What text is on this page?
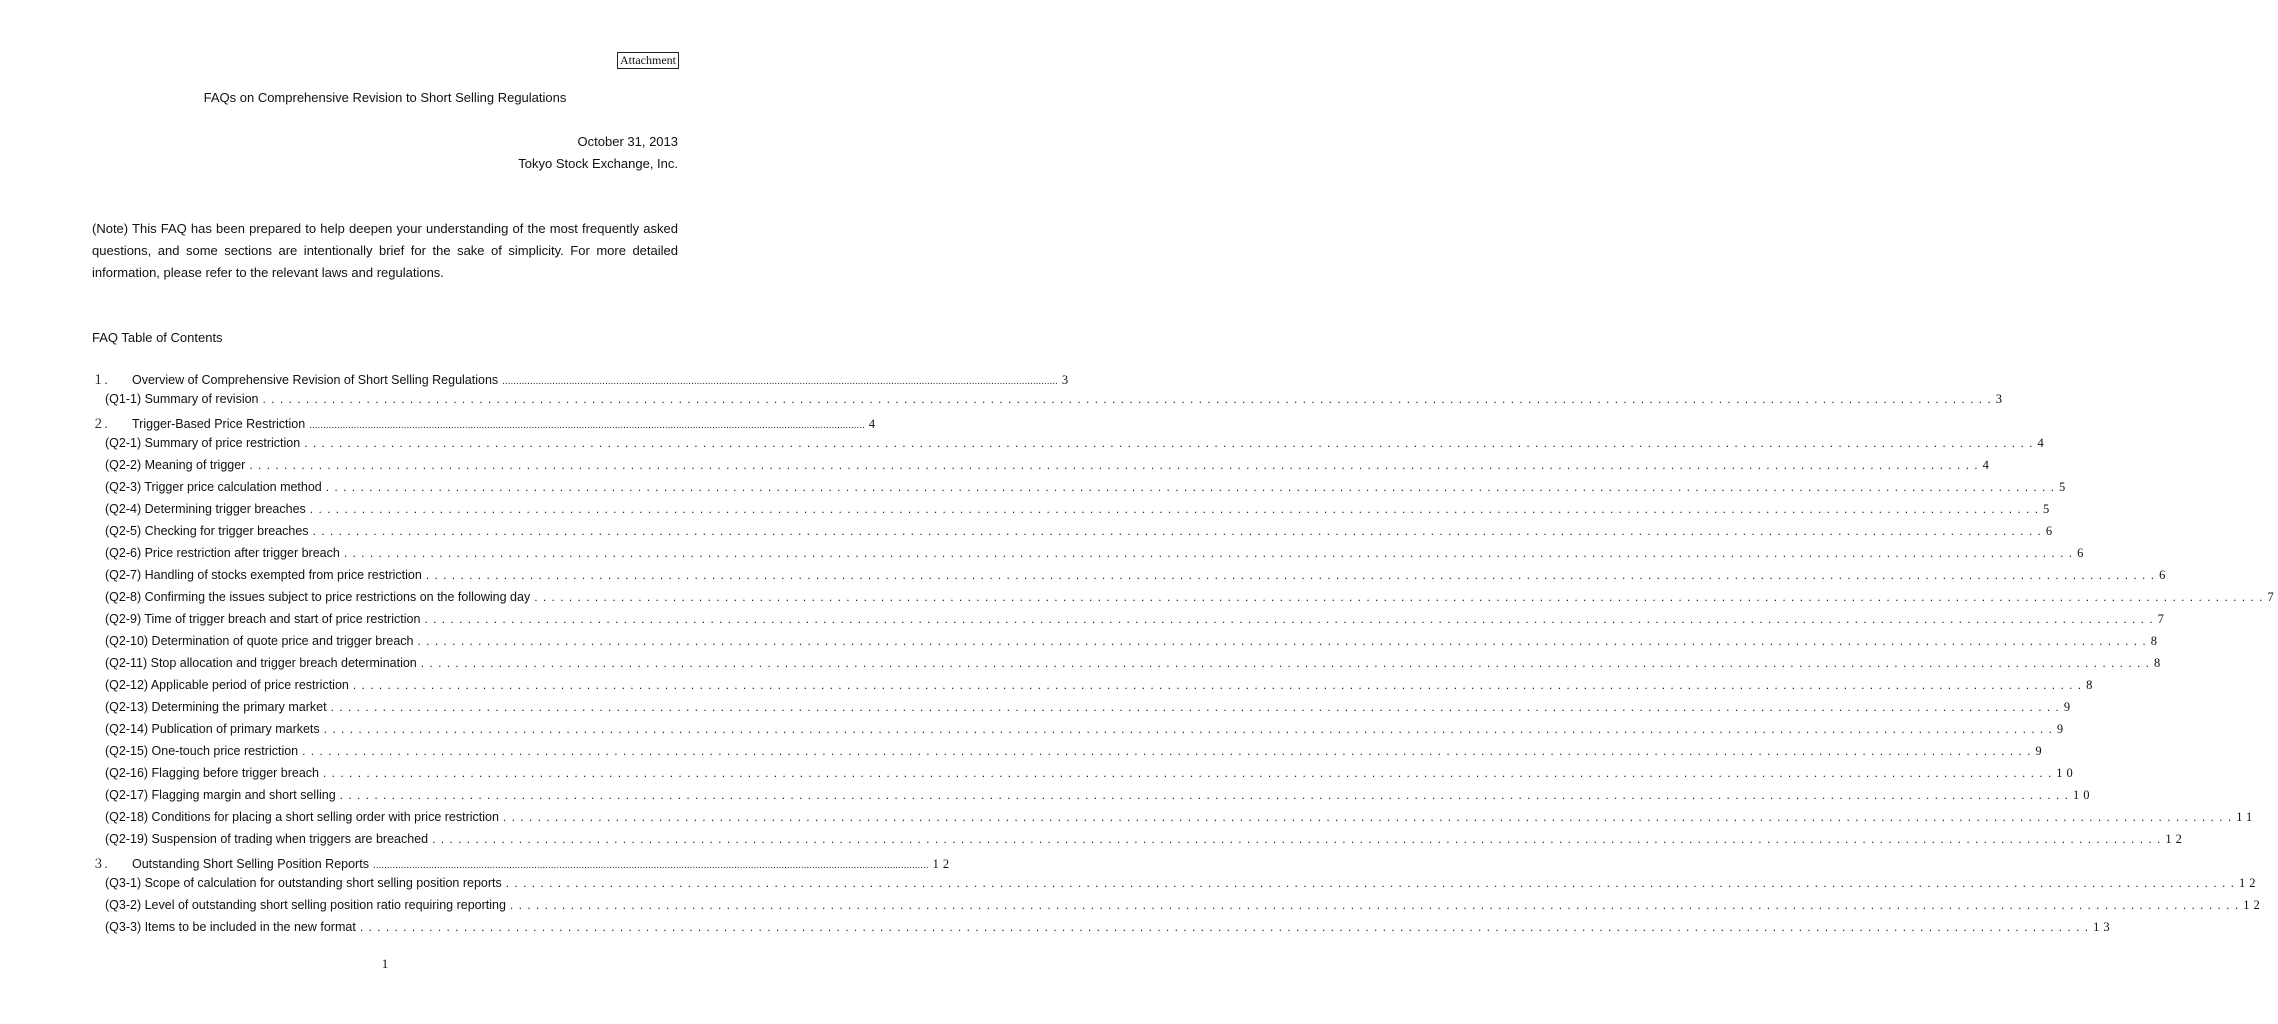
Attachment
FAQs on Comprehensive Revision to Short Selling Regulations
October 31, 2013
Tokyo Stock Exchange, Inc.
(Note) This FAQ has been prepared to help deepen your understanding of the most frequently asked questions, and some sections are intentionally brief for the sake of simplicity. For more detailed information, please refer to the relevant laws and regulations.
FAQ Table of Contents
１.	Overview of Comprehensive Revision of Short Selling Regulations ........................................................................................................................................................................................................ 3
(Q1-1) Summary of revision . . . . . . . . . . . . . . . . . . . . . . . . . . . . . . . . . . . . . . . . . . . . . . . . . . . . . . . . . . . . . . . . . . . . . . . . . . . . . . . . . . . . . . . . . . . . . . . . . . . . . . . . . . . . . . . . . . . . . . . . . . . . . . . . . . . . . . . . . . . . . . . . . . . . . . . . . . . . . . . . . . . . . . . . . . . . . . . . . . . . . . . . . . . . . . . . . . . . . . . . 3
２.	Trigger-Based Price Restriction ........................................................................................................................................................................................................ 4
(Q2-1) Summary of price restriction . . . . . . . . . . . . . . . . . . . . . . . . . . . . . . . . . . . . . . . . . . . . . . . . . . . . . . . . . . . . . . . . . . . . . . . . . . . . . . . . . . . . . . . . . . . . . . . . . . . . . . . . . . . . . . . . . . . . . . . . . . . . . . . . . . . . . . . . . . . . . . . . . . . . . . . . . . . . . . . . . . . . . . . . . . . . . . . . . . . . . . . . . . . . . . . . . . . . . . . . 4
(Q2-2) Meaning of trigger . . . . . . . . . . . . . . . . . . . . . . . . . . . . . . . . . . . . . . . . . . . . . . . . . . . . . . . . . . . . . . . . . . . . . . . . . . . . . . . . . . . . . . . . . . . . . . . . . . . . . . . . . . . . . . . . . . . . . . . . . . . . . . . . . . . . . . . . . . . . . . . . . . . . . . . . . . . . . . . . . . . . . . . . . . . . . . . . . . . . . . . . . . . . . . . . . . . . . . . . 4
(Q2-3) Trigger price calculation method . . . . . . . . . . . . . . . . . . . . . . . . . . . . . . . . . . . . . . . . . . . . . . . . . . . . . . . . . . . . . . . . . . . . . . . . . . . . . . . . . . . . . . . . . . . . . . . . . . . . . . . . . . . . . . . . . . . . . . . . . . . . . . . . . . . . . . . . . . . . . . . . . . . . . . . . . . . . . . . . . . . . . . . . . . . . . . . . . . . . . . . . . . . . . . . . . . . . . . . . 5
(Q2-4) Determining trigger breaches . . . . . . . . . . . . . . . . . . . . . . . . . . . . . . . . . . . . . . . . . . . . . . . . . . . . . . . . . . . . . . . . . . . . . . . . . . . . . . . . . . . . . . . . . . . . . . . . . . . . . . . . . . . . . . . . . . . . . . . . . . . . . . . . . . . . . . . . . . . . . . . . . . . . . . . . . . . . . . . . . . . . . . . . . . . . . . . . . . . . . . . . . . . . . . . . . . . . . . . . 5
(Q2-5) Checking for trigger breaches . . . . . . . . . . . . . . . . . . . . . . . . . . . . . . . . . . . . . . . . . . . . . . . . . . . . . . . . . . . . . . . . . . . . . . . . . . . . . . . . . . . . . . . . . . . . . . . . . . . . . . . . . . . . . . . . . . . . . . . . . . . . . . . . . . . . . . . . . . . . . . . . . . . . . . . . . . . . . . . . . . . . . . . . . . . . . . . . . . . . . . . . . . . . . . . . . . . . . . . . 6
(Q2-6) Price restriction after trigger breach . . . . . . . . . . . . . . . . . . . . . . . . . . . . . . . . . . . . . . . . . . . . . . . . . . . . . . . . . . . . . . . . . . . . . . . . . . . . . . . . . . . . . . . . . . . . . . . . . . . . . . . . . . . . . . . . . . . . . . . . . . . . . . . . . . . . . . . . . . . . . . . . . . . . . . . . . . . . . . . . . . . . . . . . . . . . . . . . . . . . . . . . . . . . . . . . . . . . . . . . 6
(Q2-7) Handling of stocks exempted from price restriction . . . . . . . . . . . . . . . . . . . . . . . . . . . . . . . . . . . . . . . . . . . . . . . . . . . . . . . . . . . . . . . . . . . . . . . . . . . . . . . . . . . . . . . . . . . . . . . . . . . . . . . . . . . . . . . . . . . . . . . . . . . . . . . . . . . . . . . . . . . . . . . . . . . . . . . . . . . . . . . . . . . . . . . . . . . . . . . . . . . . . . . . . . . . . . . . . . . . . . . . 6
(Q2-8) Confirming the issues subject to price restrictions on the following day . . . . . . . . . . . . . . . . . . . . . . . . . . . . . . . . . . . . . . . . . . . . . . . . . . . . . . . . . . . . . . . . . . . . . . . . . . . . . . . . . . . . . . . . . . . . . . . . . . . . . . . . . . . . . . . . . . . . . . . . . . . . . . . . . . . . . . . . . . . . . . . . . . . . . . . . . . . . . . . . . . . . . . . . . . . . . . . . . . . . . . . . . . . . . . . . . . . . . . . . 7
(Q2-9) Time of trigger breach and start of price restriction . . . . . . . . . . . . . . . . . . . . . . . . . . . . . . . . . . . . . . . . . . . . . . . . . . . . . . . . . . . . . . . . . . . . . . . . . . . . . . . . . . . . . . . . . . . . . . . . . . . . . . . . . . . . . . . . . . . . . . . . . . . . . . . . . . . . . . . . . . . . . . . . . . . . . . . . . . . . . . . . . . . . . . . . . . . . . . . . . . . . . . . . . . . . . . . . . . . . . . . . 7
(Q2-10) Determination of quote price and trigger breach . . . . . . . . . . . . . . . . . . . . . . . . . . . . . . . . . . . . . . . . . . . . . . . . . . . . . . . . . . . . . . . . . . . . . . . . . . . . . . . . . . . . . . . . . . . . . . . . . . . . . . . . . . . . . . . . . . . . . . . . . . . . . . . . . . . . . . . . . . . . . . . . . . . . . . . . . . . . . . . . . . . . . . . . . . . . . . . . . . . . . . . . . . . . . . . . . . . . . . . . 8
(Q2-11) Stop allocation and trigger breach determination . . . . . . . . . . . . . . . . . . . . . . . . . . . . . . . . . . . . . . . . . . . . . . . . . . . . . . . . . . . . . . . . . . . . . . . . . . . . . . . . . . . . . . . . . . . . . . . . . . . . . . . . . . . . . . . . . . . . . . . . . . . . . . . . . . . . . . . . . . . . . . . . . . . . . . . . . . . . . . . . . . . . . . . . . . . . . . . . . . . . . . . . . . . . . . . . . . . . . . . . 8
(Q2-12) Applicable period of price restriction . . . . . . . . . . . . . . . . . . . . . . . . . . . . . . . . . . . . . . . . . . . . . . . . . . . . . . . . . . . . . . . . . . . . . . . . . . . . . . . . . . . . . . . . . . . . . . . . . . . . . . . . . . . . . . . . . . . . . . . . . . . . . . . . . . . . . . . . . . . . . . . . . . . . . . . . . . . . . . . . . . . . . . . . . . . . . . . . . . . . . . . . . . . . . . . . . . . . . . . . 8
(Q2-13) Determining the primary market . . . . . . . . . . . . . . . . . . . . . . . . . . . . . . . . . . . . . . . . . . . . . . . . . . . . . . . . . . . . . . . . . . . . . . . . . . . . . . . . . . . . . . . . . . . . . . . . . . . . . . . . . . . . . . . . . . . . . . . . . . . . . . . . . . . . . . . . . . . . . . . . . . . . . . . . . . . . . . . . . . . . . . . . . . . . . . . . . . . . . . . . . . . . . . . . . . . . . . . . 9
(Q2-14) Publication of primary markets . . . . . . . . . . . . . . . . . . . . . . . . . . . . . . . . . . . . . . . . . . . . . . . . . . . . . . . . . . . . . . . . . . . . . . . . . . . . . . . . . . . . . . . . . . . . . . . . . . . . . . . . . . . . . . . . . . . . . . . . . . . . . . . . . . . . . . . . . . . . . . . . . . . . . . . . . . . . . . . . . . . . . . . . . . . . . . . . . . . . . . . . . . . . . . . . . . . . . . . . 9
(Q2-15) One-touch price restriction . . . . . . . . . . . . . . . . . . . . . . . . . . . . . . . . . . . . . . . . . . . . . . . . . . . . . . . . . . . . . . . . . . . . . . . . . . . . . . . . . . . . . . . . . . . . . . . . . . . . . . . . . . . . . . . . . . . . . . . . . . . . . . . . . . . . . . . . . . . . . . . . . . . . . . . . . . . . . . . . . . . . . . . . . . . . . . . . . . . . . . . . . . . . . . . . . . . . . . . . 9
(Q2-16) Flagging before trigger breach . . . . . . . . . . . . . . . . . . . . . . . . . . . . . . . . . . . . . . . . . . . . . . . . . . . . . . . . . . . . . . . . . . . . . . . . . . . . . . . . . . . . . . . . . . . . . . . . . . . . . . . . . . . . . . . . . . . . . . . . . . . . . . . . . . . . . . . . . . . . . . . . . . . . . . . . . . . . . . . . . . . . . . . . . . . . . . . . . . . . . . . . . . . . . . . . . . . . . . . . 10
(Q2-17) Flagging margin and short selling . . . . . . . . . . . . . . . . . . . . . . . . . . . . . . . . . . . . . . . . . . . . . . . . . . . . . . . . . . . . . . . . . . . . . . . . . . . . . . . . . . . . . . . . . . . . . . . . . . . . . . . . . . . . . . . . . . . . . . . . . . . . . . . . . . . . . . . . . . . . . . . . . . . . . . . . . . . . . . . . . . . . . . . . . . . . . . . . . . . . . . . . . . . . . . . . . . . . . . . . 10
(Q2-18) Conditions for placing a short selling order with price restriction . . . . . . . . . . . . . . . . . . . . . . . . . . . . . . . . . . . . . . . . . . . . . . . . . . . . . . . . . . . . . . . . . . . . . . . . . . . . . . . . . . . . . . . . . . . . . . . . . . . . . . . . . . . . . . . . . . . . . . . . . . . . . . . . . . . . . . . . . . . . . . . . . . . . . . . . . . . . . . . . . . . . . . . . . . . . . . . . . . . . . . . . . . . . . . . . . . . . . . . . 11
(Q2-19) Suspension of trading when triggers are breached . . . . . . . . . . . . . . . . . . . . . . . . . . . . . . . . . . . . . . . . . . . . . . . . . . . . . . . . . . . . . . . . . . . . . . . . . . . . . . . . . . . . . . . . . . . . . . . . . . . . . . . . . . . . . . . . . . . . . . . . . . . . . . . . . . . . . . . . . . . . . . . . . . . . . . . . . . . . . . . . . . . . . . . . . . . . . . . . . . . . . . . . . . . . . . . . . . . . . . . . 12
３.	Outstanding Short Selling Position Reports ........................................................................................................................................................................................................ 12
(Q3-1) Scope of calculation for outstanding short selling position reports . . . . . . . . . . . . . . . . . . . . . . . . . . . . . . . . . . . . . . . . . . . . . . . . . . . . . . . . . . . . . . . . . . . . . . . . . . . . . . . . . . . . . . . . . . . . . . . . . . . . . . . . . . . . . . . . . . . . . . . . . . . . . . . . . . . . . . . . . . . . . . . . . . . . . . . . . . . . . . . . . . . . . . . . . . . . . . . . . . . . . . . . . . . . . . . . . . . . . . . . 12
(Q3-2) Level of outstanding short selling position ratio requiring reporting . . . . . . . . . . . . . . . . . . . . . . . . . . . . . . . . . . . . . . . . . . . . . . . . . . . . . . . . . . . . . . . . . . . . . . . . . . . . . . . . . . . . . . . . . . . . . . . . . . . . . . . . . . . . . . . . . . . . . . . . . . . . . . . . . . . . . . . . . . . . . . . . . . . . . . . . . . . . . . . . . . . . . . . . . . . . . . . . . . . . . . . . . . . . . . . . . . . . . . . . 12
(Q3-3) Items to be included in the new format . . . . . . . . . . . . . . . . . . . . . . . . . . . . . . . . . . . . . . . . . . . . . . . . . . . . . . . . . . . . . . . . . . . . . . . . . . . . . . . . . . . . . . . . . . . . . . . . . . . . . . . . . . . . . . . . . . . . . . . . . . . . . . . . . . . . . . . . . . . . . . . . . . . . . . . . . . . . . . . . . . . . . . . . . . . . . . . . . . . . . . . . . . . . . . . . . . . . . . . . 13
1
